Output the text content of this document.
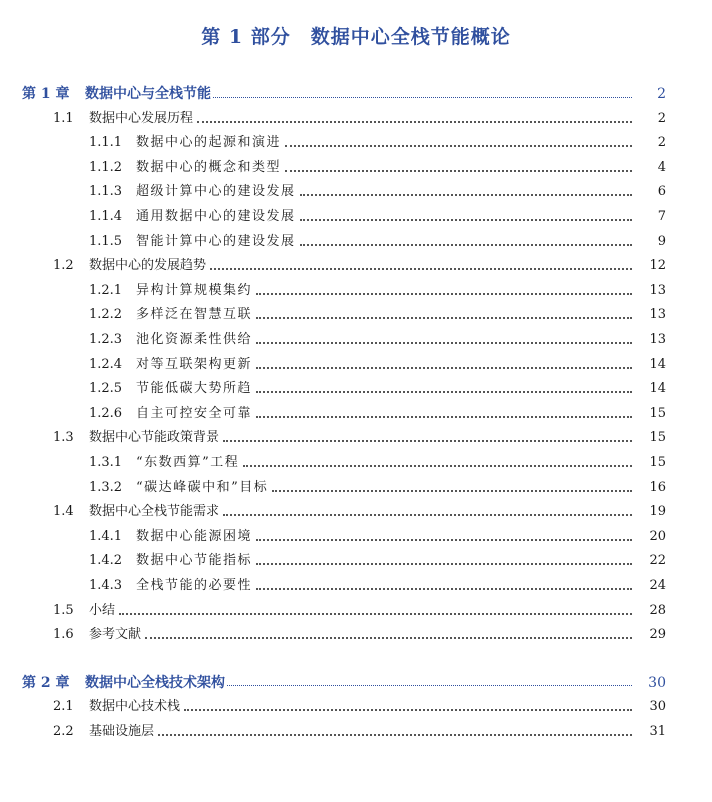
第 1 部分　数据中心全栈节能概论
第 1 章	数据中心与全栈节能	2
1.1	数据中心发展历程	2
1.1.1	数据中心的起源和演进	2
1.1.2	数据中心的概念和类型	4
1.1.3	超级计算中心的建设发展	6
1.1.4	通用数据中心的建设发展	7
1.1.5	智能计算中心的建设发展	9
1.2	数据中心的发展趋势	12
1.2.1	异构计算规模集约	13
1.2.2	多样泛在智慧互联	13
1.2.3	池化资源柔性供给	13
1.2.4	对等互联架构更新	14
1.2.5	节能低碳大势所趋	14
1.2.6	自主可控安全可靠	15
1.3	数据中心节能政策背景	15
1.3.1	“东数西算”工程	15
1.3.2	“碳达峰碳中和”目标	16
1.4	数据中心全栈节能需求	19
1.4.1	数据中心能源困境	20
1.4.2	数据中心节能指标	22
1.4.3	全栈节能的必要性	24
1.5	小结	28
1.6	参考文献	29
第 2 章	数据中心全栈技术架构	30
2.1	数据中心技术栈	30
2.2	基础设施层	31
